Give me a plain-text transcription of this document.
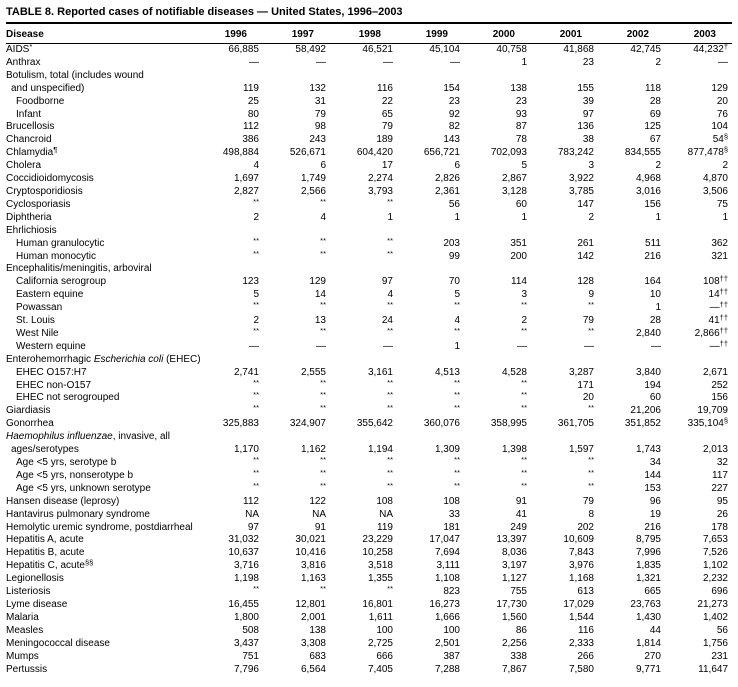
TABLE 8. Reported cases of notifiable diseases — United States, 1996–2003
Disease	1996	1997	1998	1999	2000	2001	2002	2003
AIDS*	66,885	58,492	46,521	45,104	40,758	41,868	42,745	44,232†
Anthrax	—	—	—	—	1	23	2	—
Botulism, total (includes wound								
and unspecified)	119	132	116	154	138	155	118	129
Foodborne	25	31	22	23	23	39	28	20
Infant	80	79	65	92	93	97	69	76
Brucellosis	112	98	79	82	87	136	125	104
Chancroid	386	243	189	143	78	38	67	54§
Chlamydia¶	498,884	526,671	604,420	656,721	702,093	783,242	834,555	877,478§
Cholera	4	6	17	6	5	3	2	2
Coccidioidomycosis	1,697	1,749	2,274	2,826	2,867	3,922	4,968	4,870
Cryptosporidiosis	2,827	2,566	3,793	2,361	3,128	3,785	3,016	3,506
Cyclosporiasis	**	**	**	56	60	147	156	75
Diphtheria	2	4	1	1	1	2	1	1
Ehrlichiosis								
Human granulocytic	**	**	**	203	351	261	511	362
Human monocytic	**	**	**	99	200	142	216	321
Encephalitis/meningitis, arboviral								
California serogroup	123	129	97	70	114	128	164	108††
Eastern equine	5	14	4	5	3	9	10	14††
Powassan	**	**	**	**	**	**	1	—††
St. Louis	2	13	24	4	2	79	28	41††
West Nile	**	**	**	**	**	**	2,840	2,866††
Western equine	—	—	—	1	—	—	—	—††
Enterohemorrhagic Escherichia coli (EHEC)								
EHEC O157:H7	2,741	2,555	3,161	4,513	4,528	3,287	3,840	2,671
EHEC non-O157	**	**	**	**	**	171	194	252
EHEC not serogrouped	**	**	**	**	**	20	60	156
Giardiasis	**	**	**	**	**	**	21,206	19,709
Gonorrhea	325,883	324,907	355,642	360,076	358,995	361,705	351,852	335,104§
Haemophilus influenzae, invasive, all								
ages/serotypes	1,170	1,162	1,194	1,309	1,398	1,597	1,743	2,013
Age <5 yrs, serotype b	**	**	**	**	**	**	34	32
Age <5 yrs, nonserotype b	**	**	**	**	**	**	144	117
Age <5 yrs, unknown serotype	**	**	**	**	**	**	153	227
Hansen disease (leprosy)	112	122	108	108	91	79	96	95
Hantavirus pulmonary syndrome	NA	NA	NA	33	41	8	19	26
Hemolytic uremic syndrome, postdiarrheal	97	91	119	181	249	202	216	178
Hepatitis A, acute	31,032	30,021	23,229	17,047	13,397	10,609	8,795	7,653
Hepatitis B, acute	10,637	10,416	10,258	7,694	8,036	7,843	7,996	7,526
Hepatitis C, acute§§	3,716	3,816	3,518	3,111	3,197	3,976	1,835	1,102
Legionellosis	1,198	1,163	1,355	1,108	1,127	1,168	1,321	2,232
Listeriosis	**	**	**	823	755	613	665	696
Lyme disease	16,455	12,801	16,801	16,273	17,730	17,029	23,763	21,273
Malaria	1,800	2,001	1,611	1,666	1,560	1,544	1,430	1,402
Measles	508	138	100	100	86	116	44	56
Meningococcal disease	3,437	3,308	2,725	2,501	2,256	2,333	1,814	1,756
Mumps	751	683	666	387	338	266	270	231
Pertussis	7,796	6,564	7,405	7,288	7,867	7,580	9,771	11,647
